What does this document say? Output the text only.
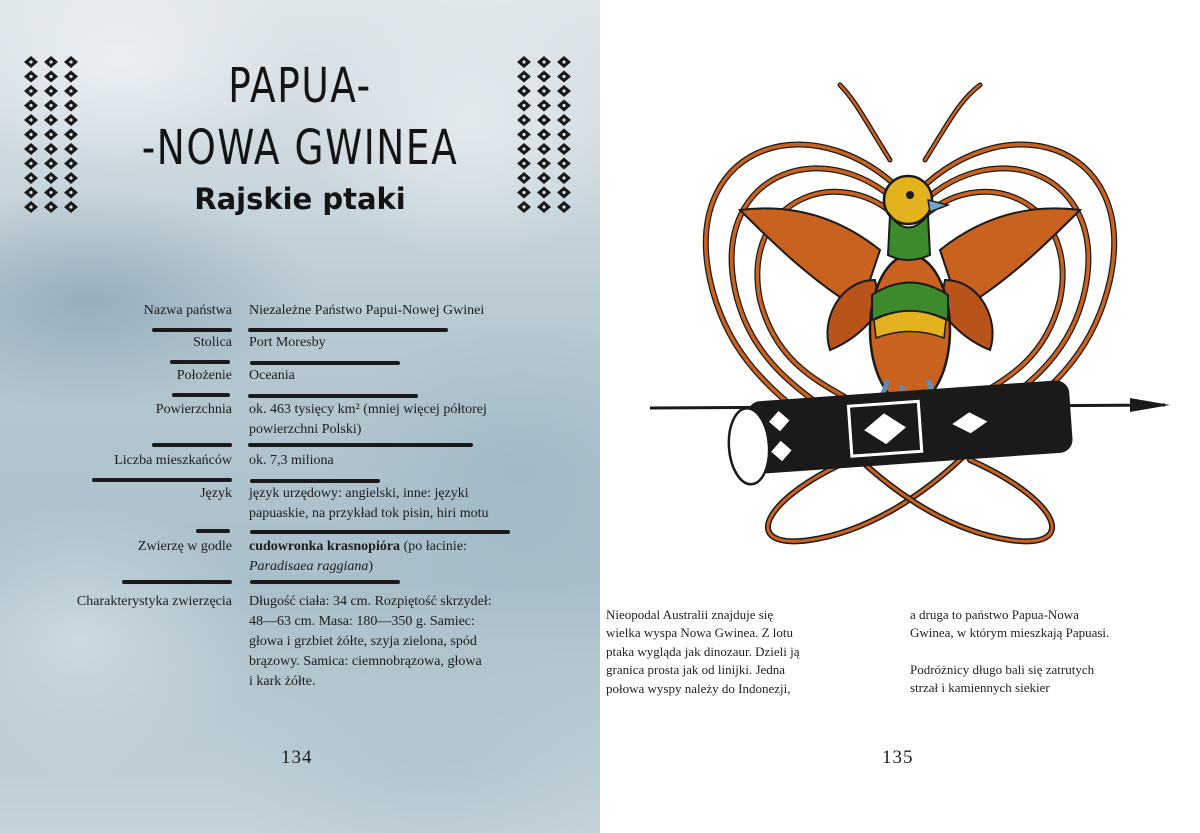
PAPUA-
-NOWA GWINEA
Rajskie ptaki
Nazwa państwa Niezależne Państwo Papui-Nowej Gwinei
Stolica Port Moresby
Położenie Oceania
Powierzchnia ok. 463 tysięcy km² (mniej więcej półtorej
powierzchni Polski)
Liczba mieszkańców ok. 7,3 miliona
Język język urzędowy: angielski, inne: języki
papuaskie, na przykład tok pisin, hiri motu
Zwierzę w godle cudowronka krasnopióra (po łacinie:
Paradisaea raggiana)
Charakterystyka zwierzęcia Długość ciała: 34 cm. Rozpiętość skrzydeł:
48—63 cm. Masa: 180—350 g. Samiec:
głowa i grzbiet żółte, szyja zielona, spód
brązowy. Samica: ciemnobrązowa, głowa
i kark żółte.
134
Nieopodal Australii znajduje się
wielka wyspa Nowa Gwinea. Z lotu
ptaka wygląda jak dinozaur. Dzieli ją
granica prosta jak od linijki. Jedna
połowa wyspy należy do Indonezji,
a druga to państwo Papua-Nowa
Gwinea, w którym mieszkają Papuasi.
Podróżnicy długo bali się zatrutych
strzał i kamiennych siekier
135
